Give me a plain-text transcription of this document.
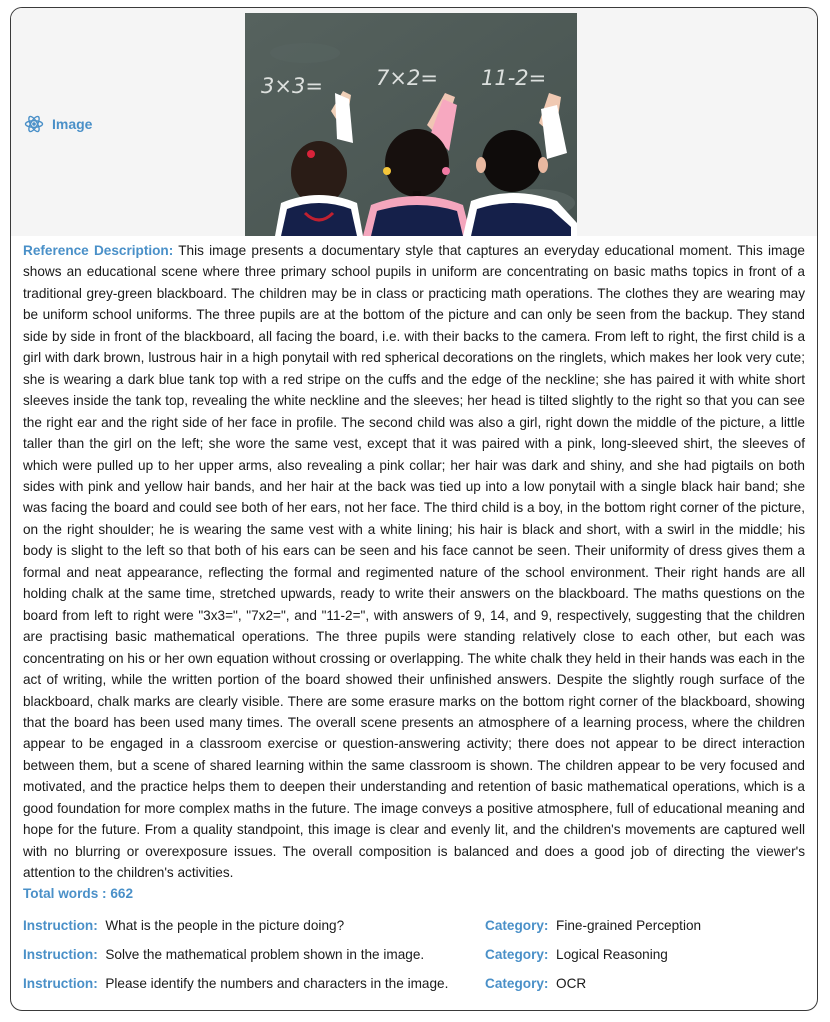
Image
3×3=	7×2= 11-2=

Reference Description: This image presents a documentary style that captures an everyday educational moment. This image shows an educational scene where three primary school pupils in uniform are concentrating on basic maths topics in front of a traditional grey-green blackboard. The children may be in class or practicing math operations. The clothes they are wearing may be uniform school uniforms. The three pupils are at the bottom of the picture and can only be seen from the backup. They stand side by side in front of the blackboard, all facing the board, i.e. with their backs to the camera. From left to right, the first child is a girl with dark brown, lustrous hair in a high ponytail with red spherical decorations on the ringlets, which makes her look very cute; she is wearing a dark blue tank top with a red stripe on the cuffs and the edge of the neckline; she has paired it with white short sleeves inside the tank top, revealing the white neckline and the sleeves; her head is tilted slightly to the right so that you can see the right ear and the right side of her face in profile. The second child was also a girl, right down the middle of the picture, a little taller than the girl on the left; she wore the same vest, except that it was paired with a pink, long-sleeved shirt, the sleeves of which were pulled up to her upper arms, also revealing a pink collar; her hair was dark and shiny, and she had pigtails on both sides with pink and yellow hair bands, and her hair at the back was tied up into a low ponytail with a single black hair band; she was facing the board and could see both of her ears, not her face. The third child is a boy, in the bottom right corner of the picture, on the right shoulder; he is wearing the same vest with a white lining; his hair is black and short, with a swirl in the middle; his body is slight to the left so that both of his ears can be seen and his face cannot be seen. Their uniformity of dress gives them a formal and neat appearance, reflecting the formal and regimented nature of the school environment. Their right hands are all holding chalk at the same time, stretched upwards, ready to write their answers on the blackboard. The maths questions on the board from left to right were "3x3=", "7x2=", and "11-2=", with answers of 9, 14, and 9, respectively, suggesting that the children are practising basic mathematical operations. The three pupils were standing relatively close to each other, but each was concentrating on his or her own equation without crossing or overlapping. The white chalk they held in their hands was each in the act of writing, while the written portion of the board showed their unfinished answers. Despite the slightly rough surface of the blackboard, chalk marks are clearly visible. There are some erasure marks on the bottom right corner of the blackboard, showing that the board has been used many times. The overall scene presents an atmosphere of a learning process, where the children appear to be engaged in a classroom exercise or question-answering activity; there does not appear to be direct interaction between them, but a scene of shared learning within the same classroom is shown. The children appear to be very focused and motivated, and the practice helps them to deepen their understanding and retention of basic mathematical operations, which is a good foundation for more complex maths in the future. The image conveys a positive atmosphere, full of educational meaning and hope for the future. From a quality standpoint, this image is clear and evenly lit, and the children's movements are captured well with no blurring or overexposure issues. The overall composition is balanced and does a good job of directing the viewer's attention to the children's activities.

Total words : 662
Instruction: What is the people in the picture doing?	Category: Fine-grained Perception
Instruction: Solve the mathematical problem shown in the image.	Category: Logical Reasoning
Instruction: Please identify the numbers and characters in the image.	Category: OCR
